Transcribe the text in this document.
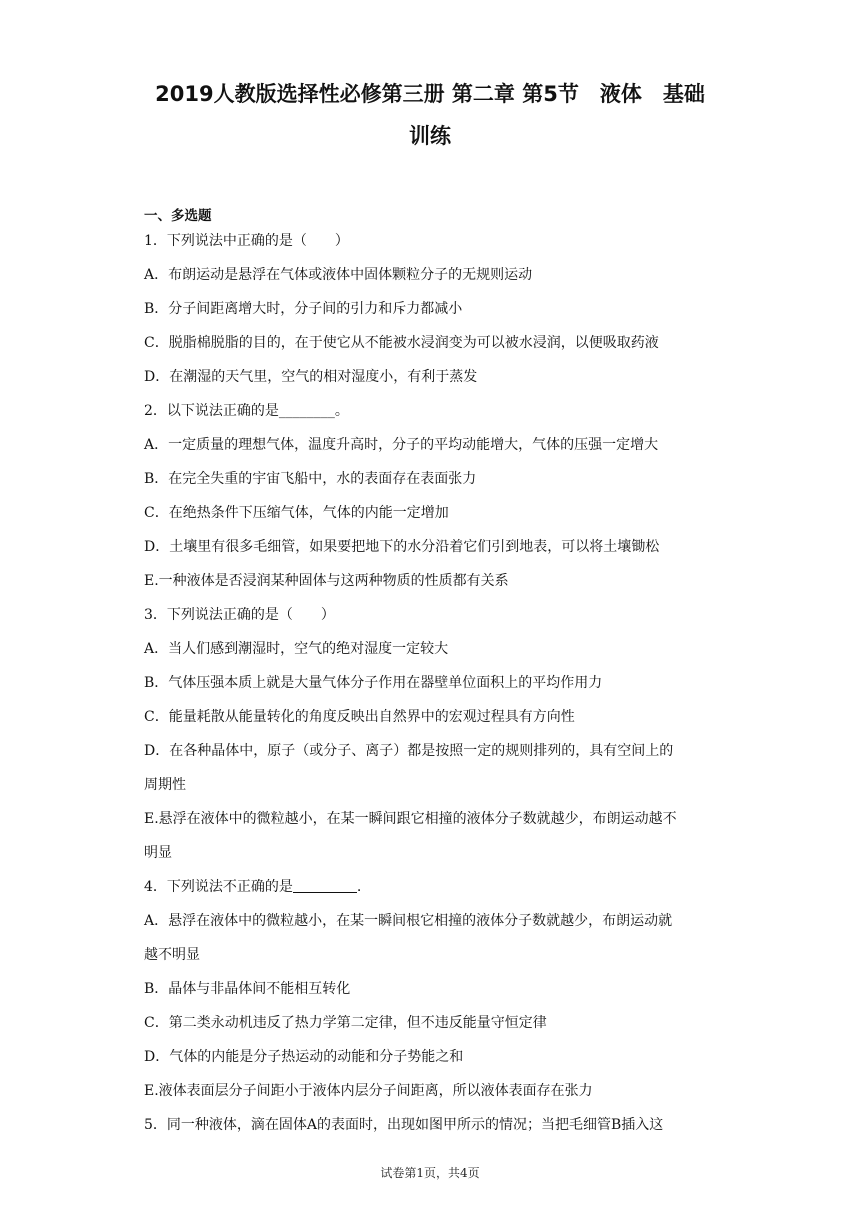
2019人教版选择性必修第三册 第二章 第5节　液体　基础
训练
一、多选题
1．下列说法中正确的是（　　）
A．布朗运动是悬浮在气体或液体中固体颗粒分子的无规则运动
B．分子间距离增大时，分子间的引力和斥力都减小
C．脱脂棉脱脂的目的，在于使它从不能被水浸润变为可以被水浸润，以便吸取药液
D．在潮湿的天气里，空气的相对湿度小，有利于蒸发
2．以下说法正确的是________。
A．一定质量的理想气体，温度升高时，分子的平均动能增大，气体的压强一定增大
B．在完全失重的宇宙飞船中，水的表面存在表面张力
C．在绝热条件下压缩气体，气体的内能一定增加
D．土壤里有很多毛细管，如果要把地下的水分沿着它们引到地表，可以将土壤锄松
E.一种液体是否浸润某种固体与这两种物质的性质都有关系
3．下列说法正确的是（　　）
A．当人们感到潮湿时，空气的绝对湿度一定较大
B．气体压强本质上就是大量气体分子作用在器壁单位面积上的平均作用力
C．能量耗散从能量转化的角度反映出自然界中的宏观过程具有方向性
D．在各种晶体中，原子（或分子、离子）都是按照一定的规则排列的，具有空间上的
周期性
E.悬浮在液体中的微粒越小，在某一瞬间跟它相撞的液体分子数就越少，布朗运动越不
明显
4．下列说法不正确的是	.
A．悬浮在液体中的微粒越小，在某一瞬间根它相撞的液体分子数就越少，布朗运动就
越不明显
B．晶体与非晶体间不能相互转化
C．第二类永动机违反了热力学第二定律，但不违反能量守恒定律
D．气体的内能是分子热运动的动能和分子势能之和
E.液体表面层分子间距小于液体内层分子间距离，所以液体表面存在张力
5．同一种液体，滴在固体A的表面时，出现如图甲所示的情况；当把毛细管B插入这
试卷第1页，共4页
